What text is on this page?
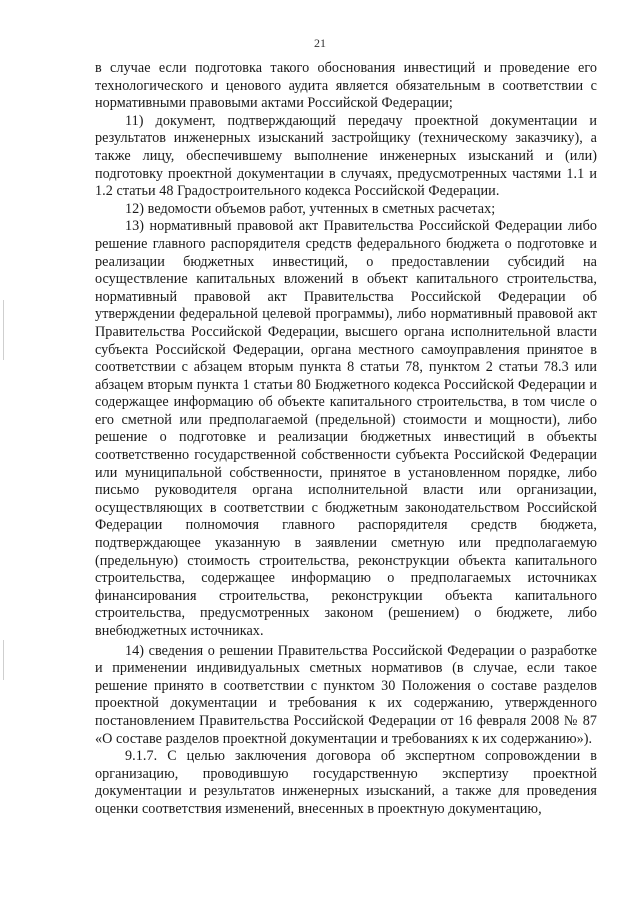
21

в случае если подготовка такого обоснования инвестиций и проведение его технологического и ценового аудита является обязательным в соответствии с нормативными правовыми актами Российской Федерации;

11) документ, подтверждающий передачу проектной документации и результатов инженерных изысканий застройщику (техническому заказчику), а также лицу, обеспечившему выполнение инженерных изысканий и (или) подготовку проектной документации в случаях, предусмотренных частями 1.1 и 1.2 статьи 48 Градостроительного кодекса Российской Федерации.

12) ведомости объемов работ, учтенных в сметных расчетах;

13) нормативный правовой акт Правительства Российской Федерации либо решение главного распорядителя средств федерального бюджета о подготовке и реализации бюджетных инвестиций, о предоставлении субсидий на осуществление капитальных вложений в объект капитального строительства, нормативный правовой акт Правительства Российской Федерации об утверждении федеральной целевой программы), либо нормативный правовой акт Правительства Российской Федерации, высшего органа исполнительной власти субъекта Российской Федерации, органа местного самоуправления принятое в соответствии с абзацем вторым пункта 8 статьи 78, пунктом 2 статьи 78.3 или абзацем вторым пункта 1 статьи 80 Бюджетного кодекса Российской Федерации и содержащее информацию об объекте капитального строительства, в том числе о его сметной или предполагаемой (предельной) стоимости и мощности), либо решение о подготовке и реализации бюджетных инвестиций в объекты соответственно государственной собственности субъекта Российской Федерации или муниципальной собственности, принятое в установленном порядке, либо письмо руководителя органа исполнительной власти или организации, осуществляющих в соответствии с бюджетным законодательством Российской Федерации полномочия главного распорядителя средств бюджета, подтверждающее указанную в заявлении сметную или предполагаемую (предельную) стоимость строительства, реконструкции объекта капитального строительства, содержащее информацию о предполагаемых источниках финансирования строительства, реконструкции объекта капитального строительства, предусмотренных законом (решением) о бюджете, либо внебюджетных источниках.

14) сведения о решении Правительства Российской Федерации о разработке и применении индивидуальных сметных нормативов (в случае, если такое решение принято в соответствии с пунктом 30 Положения о составе разделов проектной документации и требования к их содержанию, утвержденного постановлением Правительства Российской Федерации от 16 февраля 2008 № 87 «О составе разделов проектной документации и требованиях к их содержанию»).

9.1.7. С целью заключения договора об экспертном сопровождении в организацию, проводившую государственную экспертизу проектной документации и результатов инженерных изысканий, а также для проведения оценки соответствия изменений, внесенных в проектную документацию,
